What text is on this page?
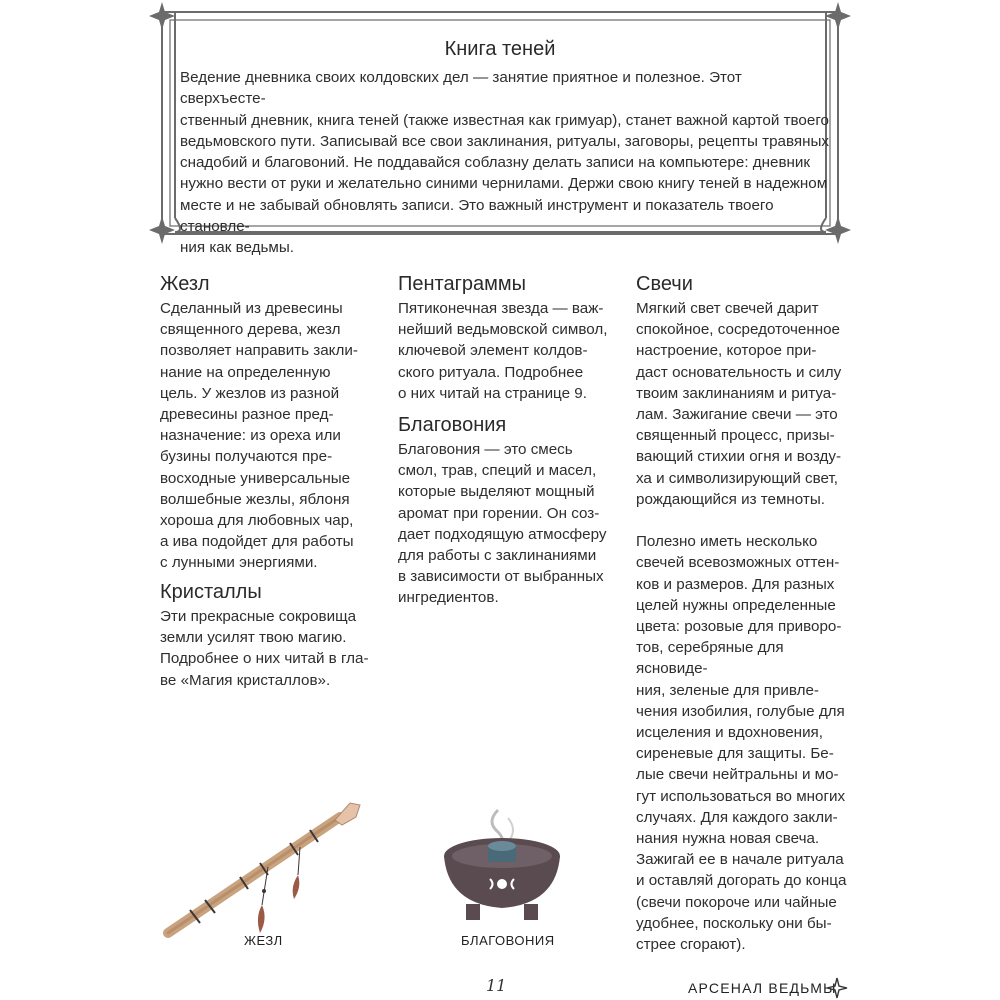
Книга теней
Ведение дневника своих колдовских дел — занятие приятное и полезное. Этот сверхъесте-
ственный дневник, книга теней (также известная как гримуар), станет важной картой твоего
ведьмовского пути. Записывай все свои заклинания, ритуалы, заговоры, рецепты травяных
снадобий и благовоний. Не поддавайся соблазну делать записи на компьютере: дневник
нужно вести от руки и желательно синими чернилами. Держи свою книгу теней в надежном
месте и не забывай обновлять записи. Это важный инструмент и показатель твоего становле-
ния как ведьмы.
Жезл
Сделанный из древесины
священного дерева, жезл
позволяет направить закли-
нание на определенную
цель. У жезлов из разной
древесины разное пред-
назначение: из ореха или
бузины получаются пре-
восходные универсальные
волшебные жезлы, яблоня
хороша для любовных чар,
а ива подойдет для работы
с лунными энергиями.
Кристаллы
Эти прекрасные сокровища
земли усилят твою магию.
Подробнее о них читай в гла-
ве «Магия кристаллов».
Пентаграммы
Пятиконечная звезда — важ-
нейший ведьмовской символ,
ключевой элемент колдов-
ского ритуала. Подробнее
о них читай на странице 9.
Благовония
Благовония — это смесь
смол, трав, специй и масел,
которые выделяют мощный
аромат при горении. Он соз-
дает подходящую атмосферу
для работы с заклинаниями
в зависимости от выбранных
ингредиентов.
Свечи
Мягкий свет свечей дарит
спокойное, сосредоточенное
настроение, которое при-
даст основательность и силу
твоим заклинаниям и ритуа-
лам. Зажигание свечи — это
священный процесс, призы-
вающий стихии огня и возду-
ха и символизирующий свет,
рождающийся из темноты.

Полезно иметь несколько
свечей всевозможных оттен-
ков и размеров. Для разных
целей нужны определенные
цвета: розовые для приворо-
тов, серебряные для ясновиде-
ния, зеленые для привле-
чения изобилия, голубые для
исцеления и вдохновения,
сиреневые для защиты. Бе-
лые свечи нейтральны и мо-
гут использоваться во многих
случаях. Для каждого закли-
нания нужна новая свеча.
Зажигай ее в начале ритуала
и оставляй догорать до конца
(свечи покороче или чайные
удобнее, поскольку они бы-
стрее сгорают).
ЖЕЗЛ	БЛАГОВОНИЯ
11	АРСЕНАЛ ВЕДЬМЫ
